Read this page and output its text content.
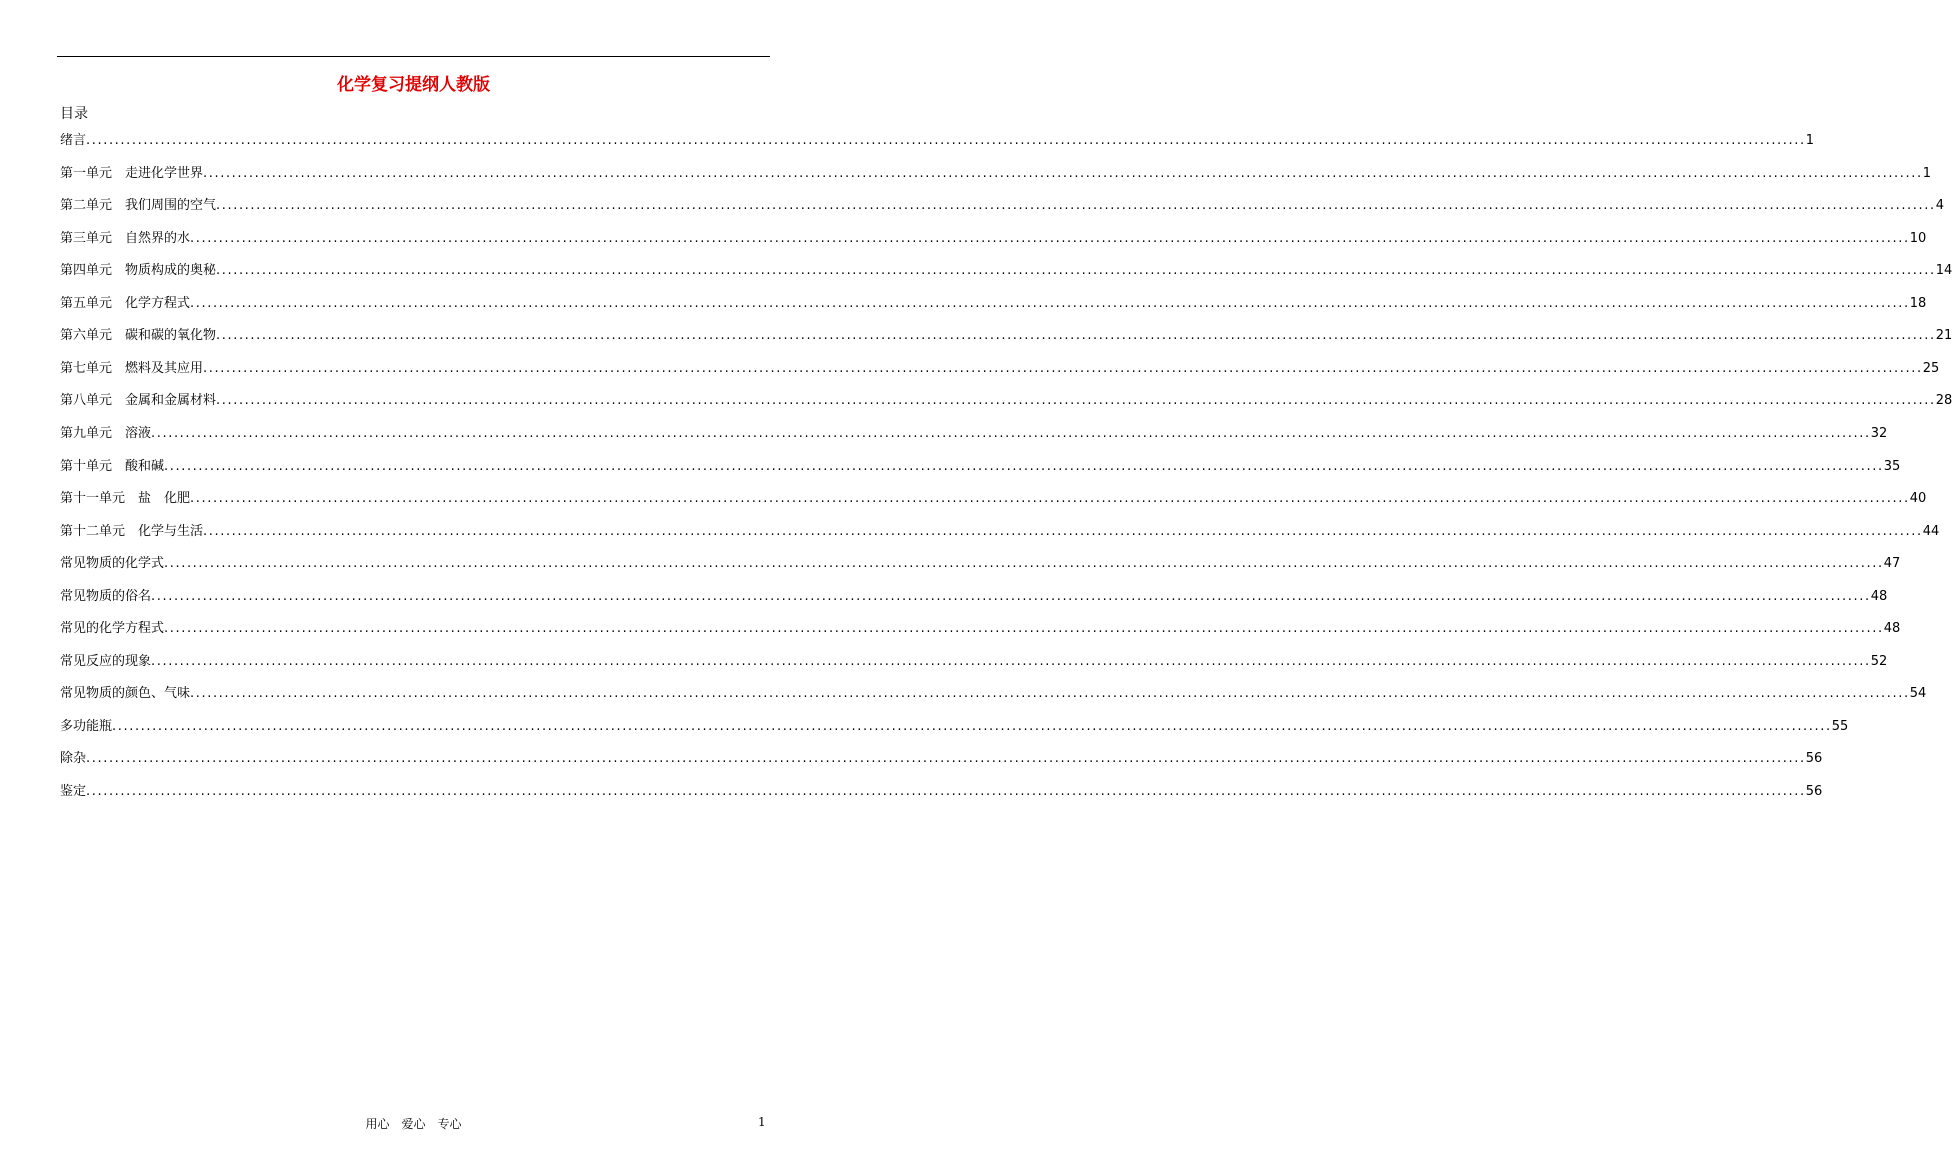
化学复习提纲人教版
目录
绪言 ............................................................................................................................................................................................................................................................................................................ 1
第一单元　走进化学世界 ............................................................................................................................................................................................................................................................................................................ 1
第二单元　我们周围的空气 ............................................................................................................................................................................................................................................................................................................ 4
第三单元　自然界的水 ............................................................................................................................................................................................................................................................................................................ 10
第四单元　物质构成的奥秘 ............................................................................................................................................................................................................................................................................................................ 14
第五单元　化学方程式 ............................................................................................................................................................................................................................................................................................................ 18
第六单元　碳和碳的氧化物 ............................................................................................................................................................................................................................................................................................................ 21
第七单元　燃料及其应用 ............................................................................................................................................................................................................................................................................................................ 25
第八单元　金属和金属材料 ............................................................................................................................................................................................................................................................................................................ 28
第九单元　溶液 ............................................................................................................................................................................................................................................................................................................ 32
第十单元　酸和碱 ............................................................................................................................................................................................................................................................................................................ 35
第十一单元　盐　化肥 ............................................................................................................................................................................................................................................................................................................ 40
第十二单元　化学与生活 ............................................................................................................................................................................................................................................................................................................ 44
常见物质的化学式 ............................................................................................................................................................................................................................................................................................................ 47
常见物质的俗名 ............................................................................................................................................................................................................................................................................................................ 48
常见的化学方程式 ............................................................................................................................................................................................................................................................................................................ 48
常见反应的现象 ............................................................................................................................................................................................................................................................................................................ 52
常见物质的颜色、气味 ............................................................................................................................................................................................................................................................................................................ 54
多功能瓶 ............................................................................................................................................................................................................................................................................................................ 55
除杂 ............................................................................................................................................................................................................................................................................................................ 56
鉴定 ............................................................................................................................................................................................................................................................................................................ 56
用心　爱心　专心	1
